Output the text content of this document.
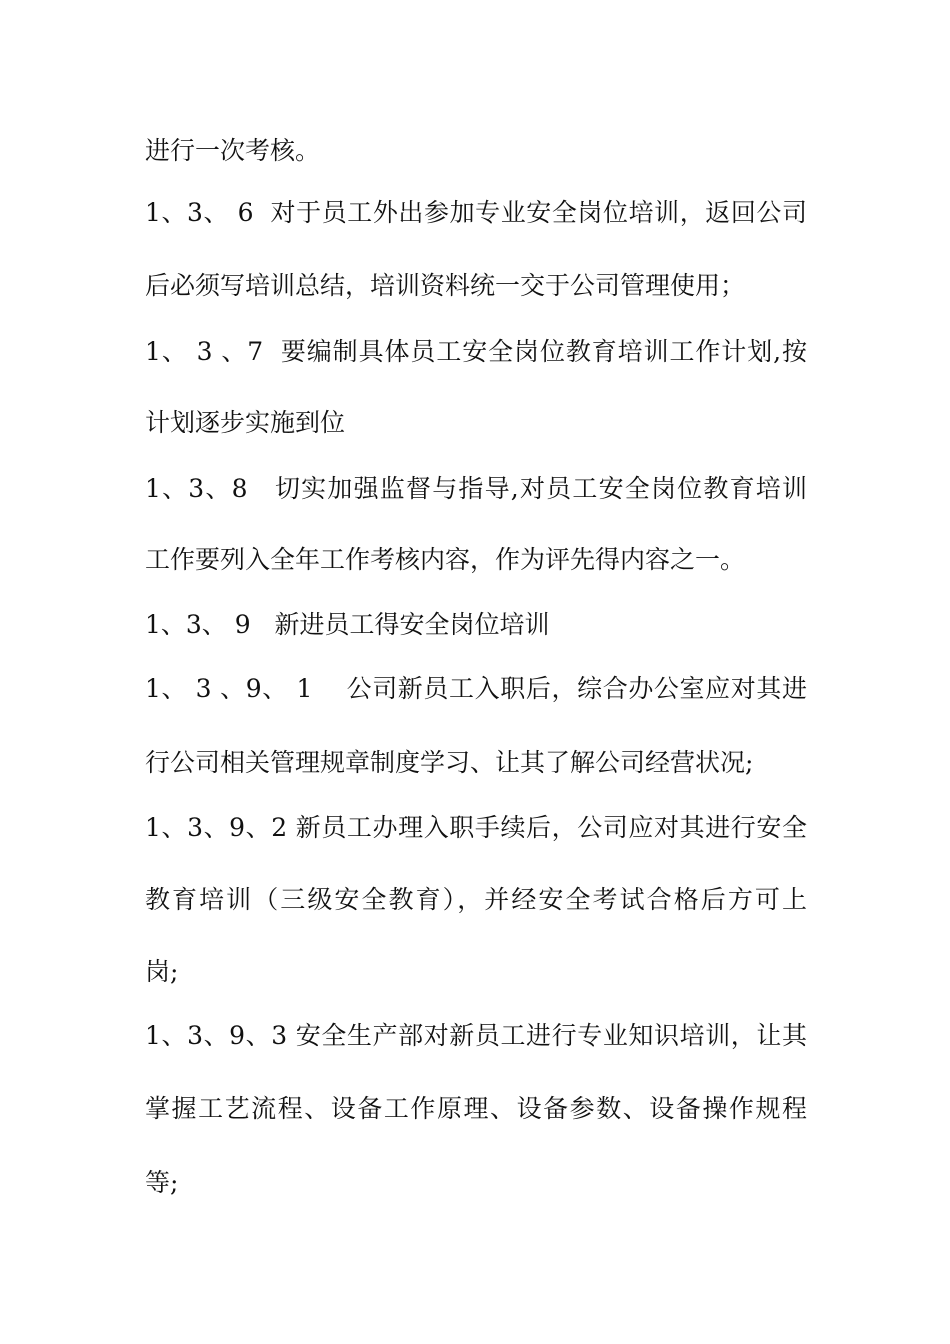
进行一次考核。
1、3、 6  对于员工外出参加专业安全岗位培训，返回公司
后必须写培训总结，培训资料统一交于公司管理使用；
1、 3 、7  要编制具体员工安全岗位教育培训工作计划,按
计划逐步实施到位
1、3、8   切实加强监督与指导,对员工安全岗位教育培训
工作要列入全年工作考核内容，作为评先得内容之一。
1、3、 9   新进员工得安全岗位培训
1、 3 、9、 1    公司新员工入职后，综合办公室应对其进
行公司相关管理规章制度学习、让其了解公司经营状况;
1、3、9、2 新员工办理入职手续后，公司应对其进行安全
教育培训（三级安全教育），并经安全考试合格后方可上
岗;
1、3、9、3 安全生产部对新员工进行专业知识培训，让其
掌握工艺流程、设备工作原理、设备参数、设备操作规程
等;
